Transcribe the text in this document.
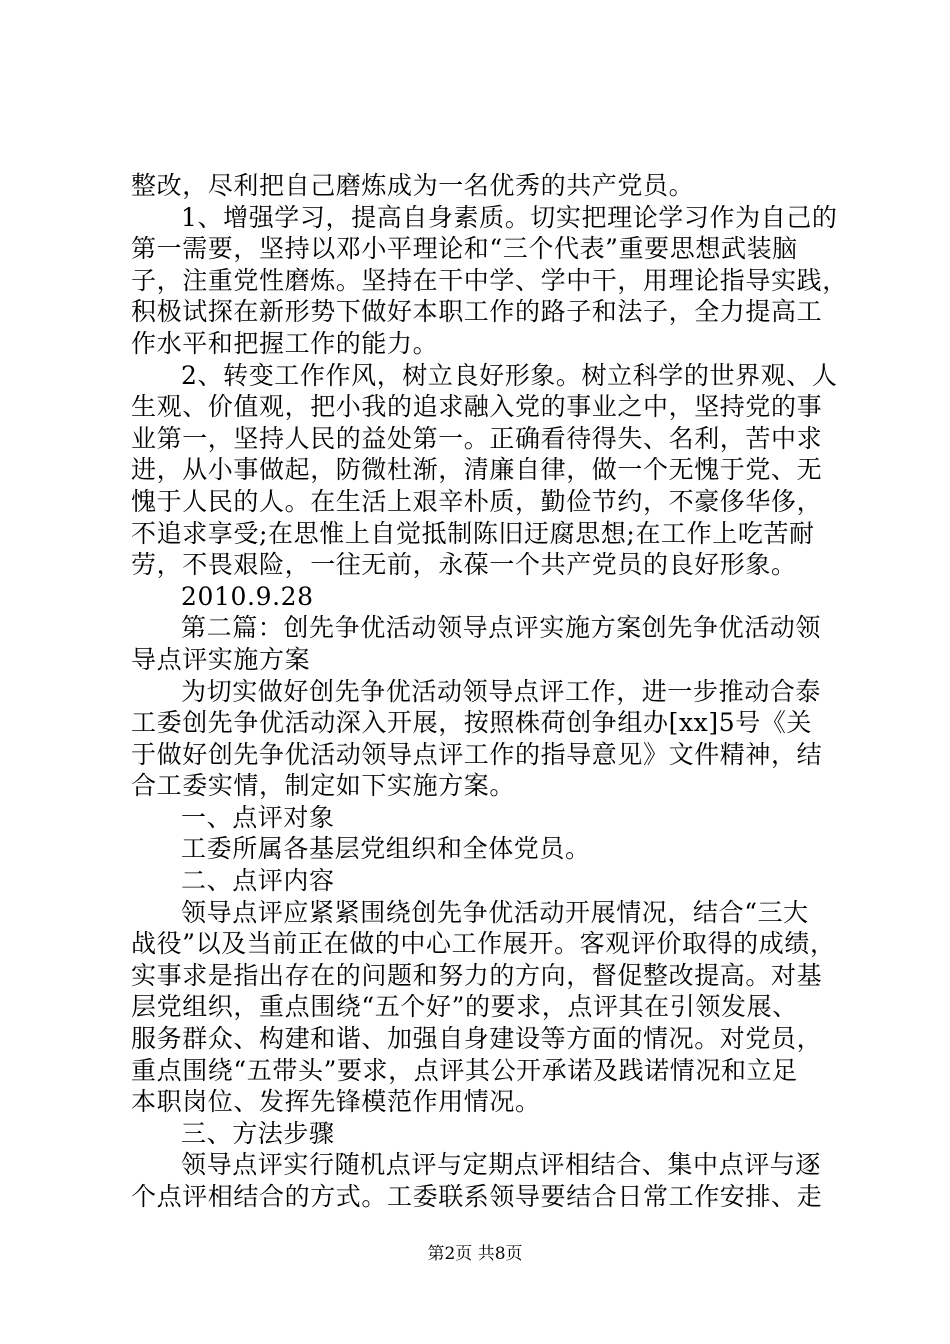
整改，尽利把自己磨炼成为一名优秀的共产党员。
1、增强学习，提高自身素质。切实把理论学习作为自己的
第一需要，坚持以邓小平理论和“三个代表”重要思想武装脑
子，注重党性磨炼。坚持在干中学、学中干，用理论指导实践，
积极试探在新形势下做好本职工作的路子和法子，全力提高工
作水平和把握工作的能力。
2、转变工作作风，树立良好形象。树立科学的世界观、人
生观、价值观，把小我的追求融入党的事业之中，坚持党的事
业第一，坚持人民的益处第一。正确看待得失、名利，苦中求
进，从小事做起，防微杜渐，清廉自律，做一个无愧于党、无
愧于人民的人。在生活上艰辛朴质，勤俭节约，不豪侈华侈，
不追求享受;在思惟上自觉抵制陈旧迂腐思想;在工作上吃苦耐
劳，不畏艰险，一往无前，永葆一个共产党员的良好形象。
2010.9.28
第二篇：创先争优活动领导点评实施方案创先争优活动领
导点评实施方案
为切实做好创先争优活动领导点评工作，进一步推动合泰
工委创先争优活动深入开展，按照株荷创争组办[xx]5号《关
于做好创先争优活动领导点评工作的指导意见》文件精神，结
合工委实情，制定如下实施方案。
一、点评对象
工委所属各基层党组织和全体党员。
二、点评内容
领导点评应紧紧围绕创先争优活动开展情况，结合“三大
战役”以及当前正在做的中心工作展开。客观评价取得的成绩，
实事求是指出存在的问题和努力的方向，督促整改提高。对基
层党组织，重点围绕“五个好”的要求，点评其在引领发展、
服务群众、构建和谐、加强自身建设等方面的情况。对党员，
重点围绕“五带头”要求，点评其公开承诺及践诺情况和立足
本职岗位、发挥先锋模范作用情况。
三、方法步骤
领导点评实行随机点评与定期点评相结合、集中点评与逐
个点评相结合的方式。工委联系领导要结合日常工作安排、走
第2页 共8页
